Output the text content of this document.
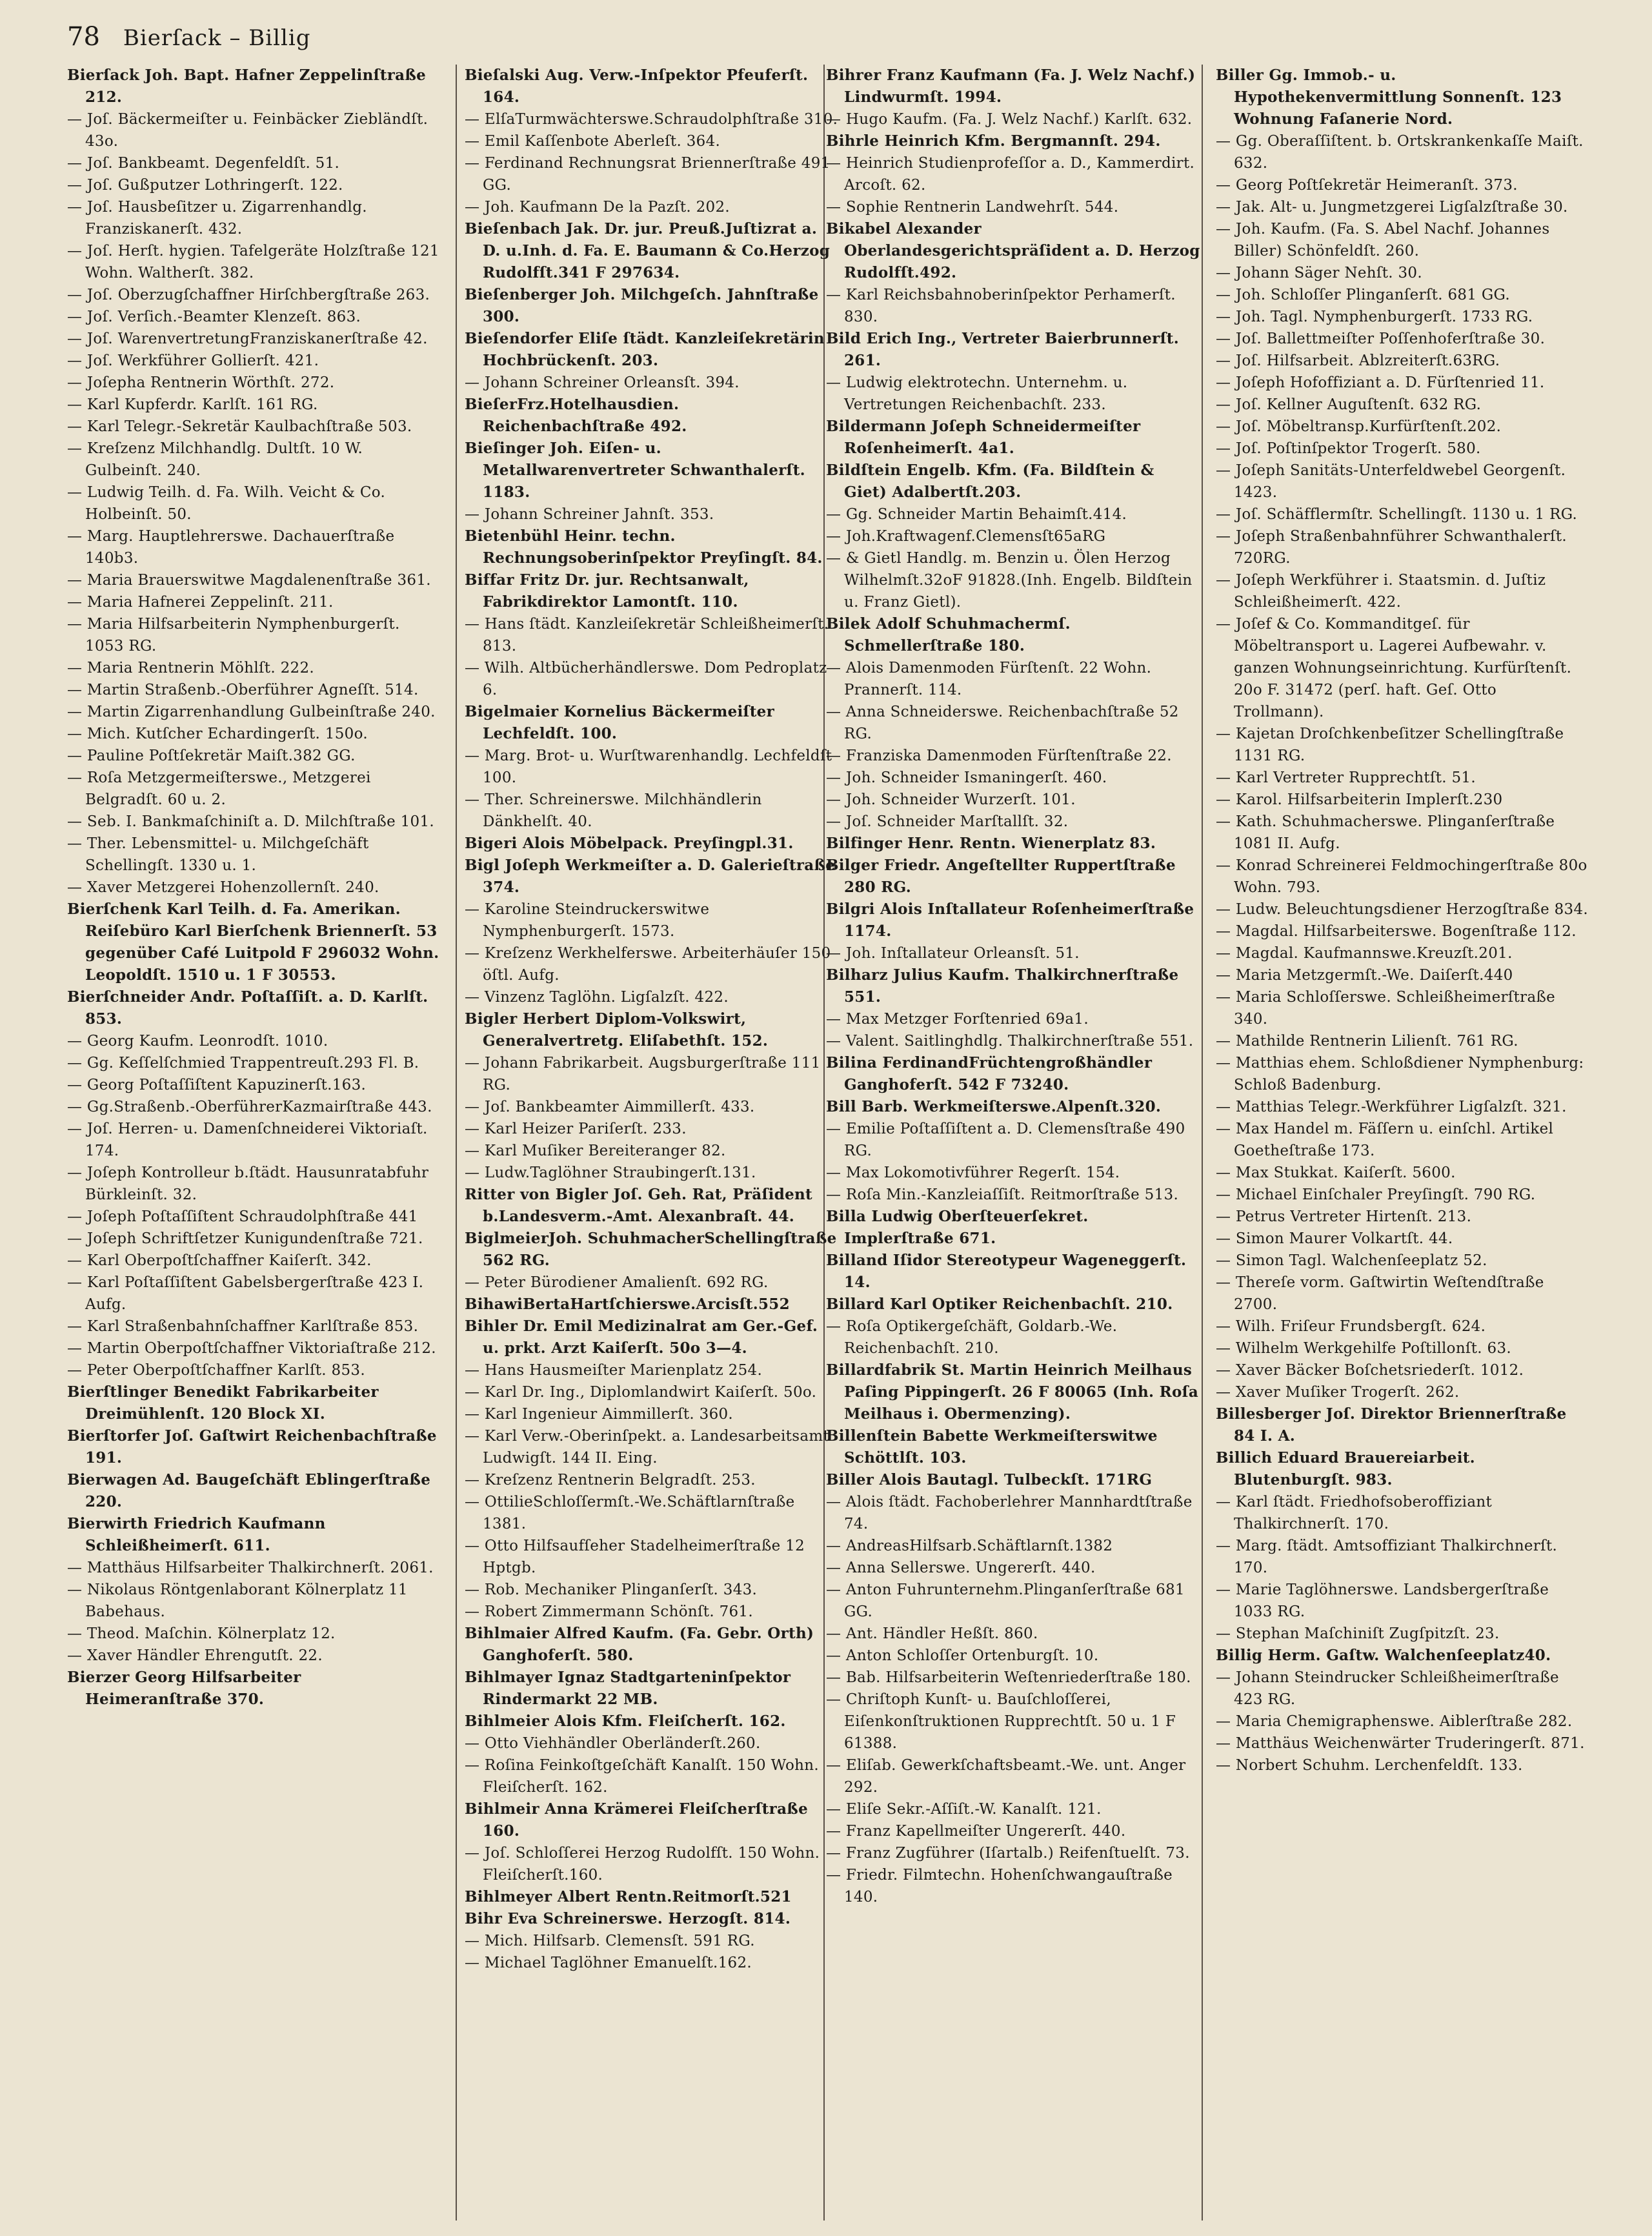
78 Bierſack – Billig

Bierſack Joh. Bapt. Hafner Zeppelinſtraße 212.

— Joſ. Bäckermeiſter u. Feinbäcker Ziebländſt. 43o.

— Joſ. Bankbeamt. Degenfeldſt. 51.

— Joſ. Gußputzer Lothringerſt. 122.

— Joſ. Hausbeſitzer u. Zigarrenhandlg. Franziskanerſt. 432.

— Joſ. Herſt. hygien. Tafelgeräte Holzſtraße 121 Wohn. Waltherſt. 382.

— Joſ. Oberzugſchaffner Hirſchbergſtraße 263.

— Joſ. Verſich.-Beamter Klenzeſt. 863.

— Joſ. WarenvertretungFranziskanerſtraße 42.

— Joſ. Werkführer Gollierſt. 421.

— Joſepha Rentnerin Wörthſt. 272.

— Karl Kupferdr. Karlſt. 161 RG.

— Karl Telegr.-Sekretär Kaulbachſtraße 503.

— Kreſzenz Milchhandlg. Dultſt. 10 W. Gulbeinſt. 240.

— Ludwig Teilh. d. Fa. Wilh. Veicht & Co. Holbeinſt. 50.

— Marg. Hauptlehrerswe. Dachauerſtraße 140b3.

— Maria Brauerswitwe Magdalenenſtraße 361.

— Maria Hafnerei Zeppelinſt. 211.

— Maria Hilfsarbeiterin Nymphenburgerſt. 1053 RG.

— Maria Rentnerin Möhlſt. 222.

— Martin Straßenb.-Oberführer Agneſſt. 514.

— Martin Zigarrenhandlung Gulbeinſtraße 240.

— Mich. Kutſcher Echardingerſt. 150o.

— Pauline Poſtſekretär Maiſt.382 GG.

— Roſa Metzgermeiſterswe., Metzgerei Belgradſt. 60 u. 2.

— Seb. I. Bankmaſchiniſt a. D. Milchſtraße 101.

— Ther. Lebensmittel- u. Milchgeſchäft Schellingſt. 1330 u. 1.

— Xaver Metzgerei Hohenzollernſt. 240.

Bierſchenk Karl Teilh. d. Fa. Amerikan. Reiſebüro Karl Bierſchenk Briennerſt. 53 gegenüber Café Luitpold F 296032 Wohn. Leopoldſt. 1510 u. 1 F 30553.

Bierſchneider Andr. Poſtaſſiſt. a. D. Karlſt. 853.

— Georg Kaufm. Leonrodſt. 1010.

— Gg. Keſſelſchmied Trappentreuſt.293 Fl. B.

— Georg Poſtaſſiſtent Kapuzinerſt.163.

— Gg.Straßenb.-OberführerKazmairſtraße 443.

— Joſ. Herren- u. Damenſchneiderei Viktoriaſt. 174.

— Joſeph Kontrolleur b.ſtädt. Hausunratabfuhr Bürkleinſt. 32.

— Joſeph Poſtaſſiſtent Schraudolphſtraße 441

— Joſeph Schriftſetzer Kunigundenſtraße 721.

— Karl Oberpoſtſchaffner Kaiſerſt. 342.

— Karl Poſtaſſiſtent Gabelsbergerſtraße 423 I. Aufg.

— Karl Straßenbahnſchaffner Karlſtraße 853.

— Martin Oberpoſtſchaffner Viktoriaſtraße 212.

— Peter Oberpoſtſchaffner Karlſt. 853.

Bierſtlinger Benedikt Fabrikarbeiter Dreimühlenſt. 120 Block XI.

Bierſtorfer Joſ. Gaſtwirt Reichenbachſtraße 191.

Bierwagen Ad. Baugeſchäft Eblingerſtraße 220.

Bierwirth Friedrich Kaufmann Schleißheimerſt. 611.

— Matthäus Hilfsarbeiter Thalkirchnerſt. 2061.

— Nikolaus Röntgenlaborant Kölnerplatz 11 Babehaus.

— Theod. Maſchin. Kölnerplatz 12.

— Xaver Händler Ehrengutſt. 22.

Bierzer Georg Hilfsarbeiter Heimeranſtraße 370.

Bieſalski Aug. Verw.-Inſpektor Pfeuferſt. 164.

— ElſaTurmwächterswe.Schraudolphſtraße 310.

— Emil Kaſſenbote Aberleſt. 364.

— Ferdinand Rechnungsrat Briennerſtraße 491 GG.

— Joh. Kaufmann De la Pazſt. 202.

Bieſenbach Jak. Dr. jur. Preuß.Juſtizrat a. D. u.Inh. d. Fa. E. Baumann & Co.Herzog Rudolfſt.341 F 297634.

Bieſenberger Joh. Milchgeſch. Jahnſtraße 300.

Bieſendorfer Eliſe ſtädt. Kanzleiſekretärin Hochbrückenſt. 203.

— Johann Schreiner Orleansſt. 394.

BieſerFrz.Hotelhausdien. Reichenbachſtraße 492.

Bieſinger Joh. Eiſen- u. Metallwarenvertreter Schwanthalerſt. 1183.

— Johann Schreiner Jahnſt. 353.

Bietenbühl Heinr. techn. Rechnungsoberinſpektor Preyſingſt. 84.

Biffar Fritz Dr. jur. Rechtsanwalt, Fabrikdirektor Lamontſt. 110.

— Hans ſtädt. Kanzleiſekretär Schleißheimerſt. 813.

— Wilh. Altbücherhändlerswe. Dom Pedroplatz 6.

Bigelmaier Kornelius Bäckermeiſter Lechfeldſt. 100.

— Marg. Brot- u. Wurſtwarenhandlg. Lechfeldſt 100.

— Ther. Schreinerswe. Milchhändlerin Dänkhelſt. 40.

Bigeri Alois Möbelpack. Preyſingpl.31.

Bigl Joſeph Werkmeiſter a. D. Galerieſtraße 374.

— Karoline Steindruckerswitwe Nymphenburgerſt. 1573.

— Kreſzenz Werkhelferswe. Arbeiterhäuſer 150 öſtl. Aufg.

— Vinzenz Taglöhn. Ligſalzſt. 422.

Bigler Herbert Diplom-Volkswirt, Generalvertretg. Eliſabethſt. 152.

— Johann Fabrikarbeit. Augsburgerſtraße 111 RG.

— Joſ. Bankbeamter Aimmillerſt. 433.

— Karl Heizer Pariſerſt. 233.

— Karl Muſiker Bereiteranger 82.

— Ludw.Taglöhner Straubingerſt.131.

Ritter von Bigler Joſ. Geh. Rat, Präſident b.Landesverm.-Amt. Alexanbraſt. 44.

BiglmeierJoh. SchuhmacherSchellingſtraße 562 RG.

— Peter Bürodiener Amalienſt. 692 RG.

BihawiBertaHartſchierswe.Arcisſt.552

Bihler Dr. Emil Medizinalrat am Ger.-Gef. u. prkt. Arzt Kaiſerſt. 50o 3—4.

— Hans Hausmeiſter Marienplatz 254.

— Karl Dr. Ing., Diplomlandwirt Kaiſerſt. 50o.

— Karl Ingenieur Aimmillerſt. 360.

— Karl Verw.-Oberinſpekt. a. Landesarbeitsamt Ludwigſt. 144 II. Eing.

— Kreſzenz Rentnerin Belgradſt. 253.

— OttilieSchloſſermſt.-We.Schäftlarnſtraße 1381.

— Otto Hilfsaufſeher Stadelheimerſtraße 12 Hptgb.

— Rob. Mechaniker Plinganſerſt. 343.

— Robert Zimmermann Schönſt. 761.

Bihlmaier Alfred Kaufm. (Fa. Gebr. Orth) Ganghoferſt. 580.

Bihlmayer Ignaz Stadtgarteninſpektor Rindermarkt 22 MB.

Bihlmeier Alois Kfm. Fleiſcherſt. 162.

— Otto Viehhändler Oberländerſt.260.

— Roſina Feinkoſtgeſchäft Kanalſt. 150 Wohn. Fleiſcherſt. 162.

Bihlmeir Anna Krämerei Fleiſcherſtraße 160.

— Joſ. Schloſſerei Herzog Rudolfſt. 150 Wohn. Fleiſcherſt.160.

Bihlmeyer Albert Rentn.Reitmorſt.521

Bihr Eva Schreinerswe. Herzogſt. 814.

— Mich. Hilfsarb. Clemensſt. 591 RG.

— Michael Taglöhner Emanuelſt.162.

Bihrer Franz Kaufmann (Fa. J. Welz Nachf.) Lindwurmſt. 1994.

— Hugo Kaufm. (Fa. J. Welz Nachf.) Karlſt. 632.

Bihrle Heinrich Kfm. Bergmannſt. 294.

— Heinrich Studienprofeſſor a. D., Kammerdirt. Arcoſt. 62.

— Sophie Rentnerin Landwehrſt. 544.

Bikabel Alexander Oberlandesgerichtspräſident a. D. Herzog Rudolfſt.492.

— Karl Reichsbahnoberinſpektor Perhamerſt. 830.

Bild Erich Ing., Vertreter Baierbrunnerſt. 261.

— Ludwig elektrotechn. Unternehm. u. Vertretungen Reichenbachſt. 233.

Bildermann Joſeph Schneidermeiſter Roſenheimerſt. 4a1.

Bildſtein Engelb. Kfm. (Fa. Bildſtein & Giet) Adalbertſt.203.

— Gg. Schneider Martin Behaimſt.414.

— Joh.Kraftwagenf.Clemensſt65aRG

— & Gietl Handlg. m. Benzin u. Ölen Herzog Wilhelmſt.32oF 91828.(Inh. Engelb. Bildſtein u. Franz Gietl).

Bilek Adolf Schuhmachermſ. Schmellerſtraße 180.

— Alois Damenmoden Fürſtenſt. 22 Wohn. Prannerſt. 114.

— Anna Schneiderswe. Reichenbachſtraße 52 RG.

— Franziska Damenmoden Fürſtenſtraße 22.

— Joh. Schneider Ismaningerſt. 460.

— Joh. Schneider Wurzerſt. 101.

— Joſ. Schneider Marſtallſt. 32.

Bilfinger Henr. Rentn. Wienerplatz 83.

Bilger Friedr. Angeſtellter Ruppertſtraße 280 RG.

Bilgri Alois Inſtallateur Roſenheimerſtraße 1174.

— Joh. Inſtallateur Orleansſt. 51.

Bilharz Julius Kaufm. Thalkirchnerſtraße 551.

— Max Metzger Forſtenried 69a1.

— Valent. Saitlinghdlg. Thalkirchnerſtraße 551.

Bilina FerdinandFrüchtengroßhändler Ganghoferſt. 542 F 73240.

Bill Barb. Werkmeiſterswe.Alpenſt.320.

— Emilie Poſtaſſiſtent a. D. Clemensſtraße 490 RG.

— Max Lokomotivführer Regerſt. 154.

— Roſa Min.-Kanzleiaſſiſt. Reitmorſtraße 513.

Billa Ludwig Oberſteuerſekret. Implerſtraße 671.

Billand Iſidor Stereotypeur Wageneggerſt. 14.

Billard Karl Optiker Reichenbachſt. 210.

— Roſa Optikergeſchäft, Goldarb.-We. Reichenbachſt. 210.

Billardfabrik St. Martin Heinrich Meilhaus Paſing Pippingerſt. 26 F 80065 (Inh. Roſa Meilhaus i. Obermenzing).

Billenſtein Babette Werkmeiſterswitwe Schöttlſt. 103.

Biller Alois Bautagl. Tulbeckſt. 171RG

— Alois ſtädt. Fachoberlehrer Mannhardtſtraße 74.

— AndreasHilfsarb.Schäftlarnſt.1382

— Anna Sellerswe. Ungererſt. 440.

— Anton Fuhrunternehm.Plinganſerſtraße 681 GG.

— Ant. Händler Heßſt. 860.

— Anton Schloſſer Ortenburgſt. 10.

— Bab. Hilfsarbeiterin Weſtenriederſtraße 180.

— Chriſtoph Kunſt- u. Bauſchloſſerei, Eiſenkonſtruktionen Rupprechtſt. 50 u. 1 F 61388.

— Eliſab. Gewerkſchaftsbeamt.-We. unt. Anger 292.

— Eliſe Sekr.-Aſſiſt.-W. Kanalſt. 121.

— Franz Kapellmeiſter Ungererſt. 440.

— Franz Zugführer (Iſartalb.) Reifenſtuelſt. 73.

— Friedr. Filmtechn. Hohenſchwangauſtraße 140.

Biller Gg. Immob.- u. Hypothekenvermittlung Sonnenſt. 123 Wohnung Faſanerie Nord.

— Gg. Oberaſſiſtent. b. Ortskrankenkaſſe Maiſt. 632.

— Georg Poſtſekretär Heimeranſt. 373.

— Jak. Alt- u. Jungmetzgerei Ligſalzſtraße 30.

— Joh. Kaufm. (Fa. S. Abel Nachf. Johannes Biller) Schönfeldſt. 260.

— Johann Säger Nehſt. 30.

— Joh. Schloſſer Plinganſerſt. 681 GG.

— Joh. Tagl. Nymphenburgerſt. 1733 RG.

— Joſ. Ballettmeiſter Poſſenhoferſtraße 30.

— Joſ. Hilfsarbeit. Ablzreiterſt.63RG.

— Joſeph Hofoffiziant a. D. Fürſtenried 11.

— Joſ. Kellner Auguſtenſt. 632 RG.

— Joſ. Möbeltransp.Kurfürſtenſt.202.

— Joſ. Poſtinſpektor Trogerſt. 580.

— Joſeph Sanitäts-Unterfeldwebel Georgenſt. 1423.

— Joſ. Schäfflermſtr. Schellingſt. 1130 u. 1 RG.

— Joſeph Straßenbahnführer Schwanthalerſt. 720RG.

— Joſeph Werkführer i. Staatsmin. d. Juſtiz Schleißheimerſt. 422.

— Joſef & Co. Kommanditgeſ. für Möbeltransport u. Lagerei Aufbewahr. v. ganzen Wohnungseinrichtung. Kurfürſtenſt. 20o F. 31472 (perſ. haft. Geſ. Otto Trollmann).

— Kajetan Droſchkenbeſitzer Schellingſtraße 1131 RG.

— Karl Vertreter Rupprechtſt. 51.

— Karol. Hilfsarbeiterin Implerſt.230

— Kath. Schuhmacherswe. Plinganſerſtraße 1081 II. Aufg.

— Konrad Schreinerei Feldmochingerſtraße 80o Wohn. 793.

— Ludw. Beleuchtungsdiener Herzogſtraße 834.

— Magdal. Hilfsarbeiterswe. Bogenſtraße 112.

— Magdal. Kaufmannswe.Kreuzſt.201.

— Maria Metzgermſt.-We. Daiſerſt.440

— Maria Schloſſerswe. Schleißheimerſtraße 340.

— Mathilde Rentnerin Lilienſt. 761 RG.

— Matthias ehem. Schloßdiener Nymphenburg: Schloß Badenburg.

— Matthias Telegr.-Werkführer Ligſalzſt. 321.

— Max Handel m. Fäſſern u. einſchl. Artikel Goetheſtraße 173.

— Max Stukkat. Kaiſerſt. 5600.

— Michael Einſchaler Preyſingſt. 790 RG.

— Petrus Vertreter Hirtenſt. 213.

— Simon Maurer Volkartſt. 44.

— Simon Tagl. Walchenſeeplatz 52.

— Thereſe vorm. Gaſtwirtin Weſtendſtraße 2700.

— Wilh. Friſeur Frundsbergſt. 624.

— Wilhelm Werkgehilfe Poſtillonſt. 63.

— Xaver Bäcker Boſchetsriederſt. 1012.

— Xaver Muſiker Trogerſt. 262.

Billesberger Joſ. Direktor Briennerſtraße 84 I. A.

Billich Eduard Brauereiarbeit. Blutenburgſt. 983.

— Karl ſtädt. Friedhofsoberoffiziant Thalkirchnerſt. 170.

— Marg. ſtädt. Amtsoffiziant Thalkirchnerſt. 170.

— Marie Taglöhnerswe. Landsbergerſtraße 1033 RG.

— Stephan Maſchiniſt Zugſpitzſt. 23.

Billig Herm. Gaſtw. Walchenſeeplatz40.

— Johann Steindrucker Schleißheimerſtraße 423 RG.

— Maria Chemigraphenswe. Aiblerſtraße 282.

— Matthäus Weichenwärter Truderingerſt. 871.

— Norbert Schuhm. Lerchenfeldſt. 133.
